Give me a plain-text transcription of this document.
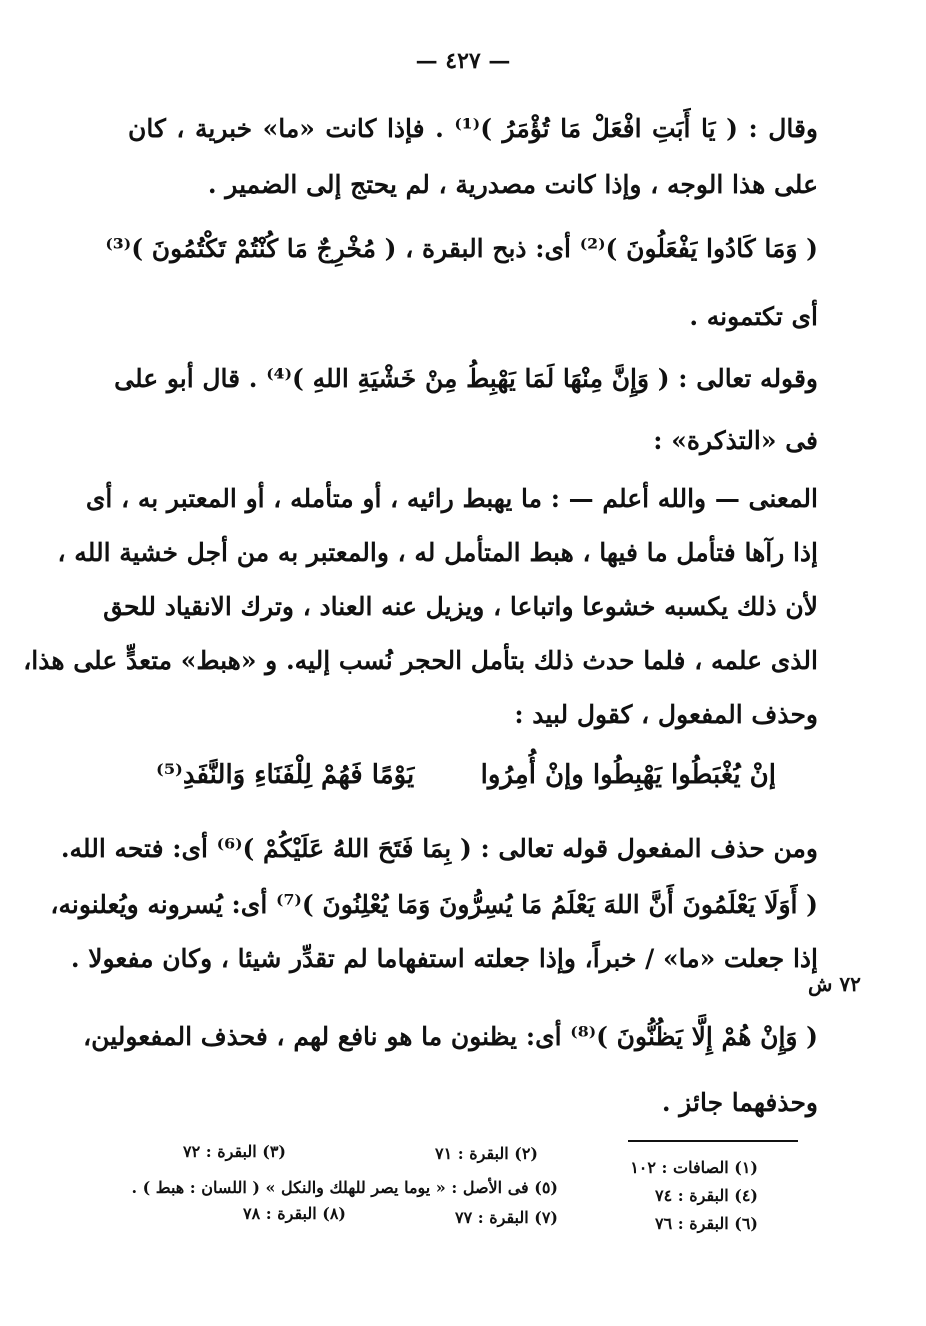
— ٤٢٧ —
وقال : ( يَا أَبَتِ افْعَلْ مَا تُؤْمَرُ )⁽¹⁾ . فإذا كانت «ما» خبرية ، كان
على هذا الوجه ، وإذا كانت مصدرية ، لم يحتج إلى الضمير .
( وَمَا كَادُوا يَفْعَلُونَ )⁽²⁾ أى: ذبح البقرة ، ( مُخْرِجٌ مَا كُنْتُمْ تَكْتُمُونَ )⁽³⁾
أى تكتمونه .
وقوله تعالى : ( وَإِنَّ مِنْهَا لَمَا يَهْبِطُ مِنْ خَشْيَةِ اللهِ )⁽⁴⁾ . قال أبو على
فى «التذكرة» :
المعنى — والله أعلم — : ما يهبط رائيه ، أو متأمله ، أو المعتبر به ، أى
إذا رآها فتأمل ما فيها ، هبط المتأمل له ، والمعتبر به من أجل خشية الله ،
لأن ذلك يكسبه خشوعا واتباعا ، ويزيل عنه العناد ، وترك الانقياد للحق
الذى علمه ، فلما حدث ذلك بتأمل الحجر نُسب إليه. و «هبط» متعدٍّ على هذا،
وحذف المفعول ، كقول لبيد :
إنْ يُغْبَطُوا يَهْبِطُوا وإنْ أُمِرُوا
يَوْمًا فَهُمْ لِلْفَنَاءِ وَالنَّفَدِ⁽⁵⁾
ومن حذف المفعول قوله تعالى : ( بِمَا فَتَحَ اللهُ عَلَيْكُمْ )⁽⁶⁾ أى: فتحه الله.
( أَوَلَا يَعْلَمُونَ أَنَّ اللهَ يَعْلَمُ مَا يُسِرُّونَ وَمَا يُعْلِنُونَ )⁽⁷⁾ أى: يُسرونه ويُعلنونه،
إذا جعلت «ما» / خبراً، وإذا جعلته استفهاما لم تقدِّر شيئا ، وكان مفعولا .
( وَإِنْ هُمْ إِلَّا يَظُنُّونَ )⁽⁸⁾ أى: يظنون ما هو نافع لهم ، فحذف المفعولين،
وحذفهما جائز .
٧٢ ش
(١) الصافات : ١٠٢
(٢) البقرة : ٧١
(٣) البقرة : ٧٢
(٤) البقرة : ٧٤
(٥) فى الأصل : « يوما يصر للهلك والنكل » ( اللسان : هبط ) .
(٦) البقرة : ٧٦
(٧) البقرة : ٧٧
(٨) البقرة : ٧٨
